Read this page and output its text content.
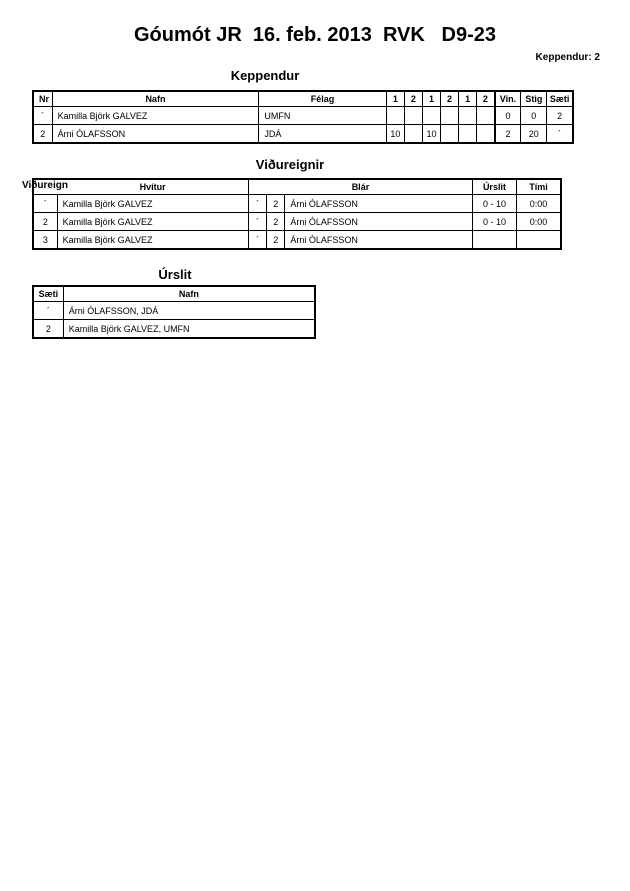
Góumót JR  16. feb. 2013  RVK   D9-23
Keppendur: 2
Keppendur
Nr	Nafn	Félag	1	2	1	2	1	2	Vin.	Stig	Sæti
´	Kamilla Björk GALVEZ	UMFN							0	0	2
2	Árni ÓLAFSSON	JDÁ	10		10				2	20	´
Viðureignir
Viðureign
		Hvítur	Blár			Úrslit	Tími
´	Kamilla Björk GALVEZ	´	2	Árni ÓLAFSSON	0 - 10	0:00
2	Kamilla Björk GALVEZ	´	2	Árni ÓLAFSSON	0 - 10	0:00
3	Kamilla Björk GALVEZ	´	2	Árni ÓLAFSSON		
Úrslit
Sæti	Nafn
´	Árni ÓLAFSSON, JDÁ
2	Kamilla Björk GALVEZ, UMFN
